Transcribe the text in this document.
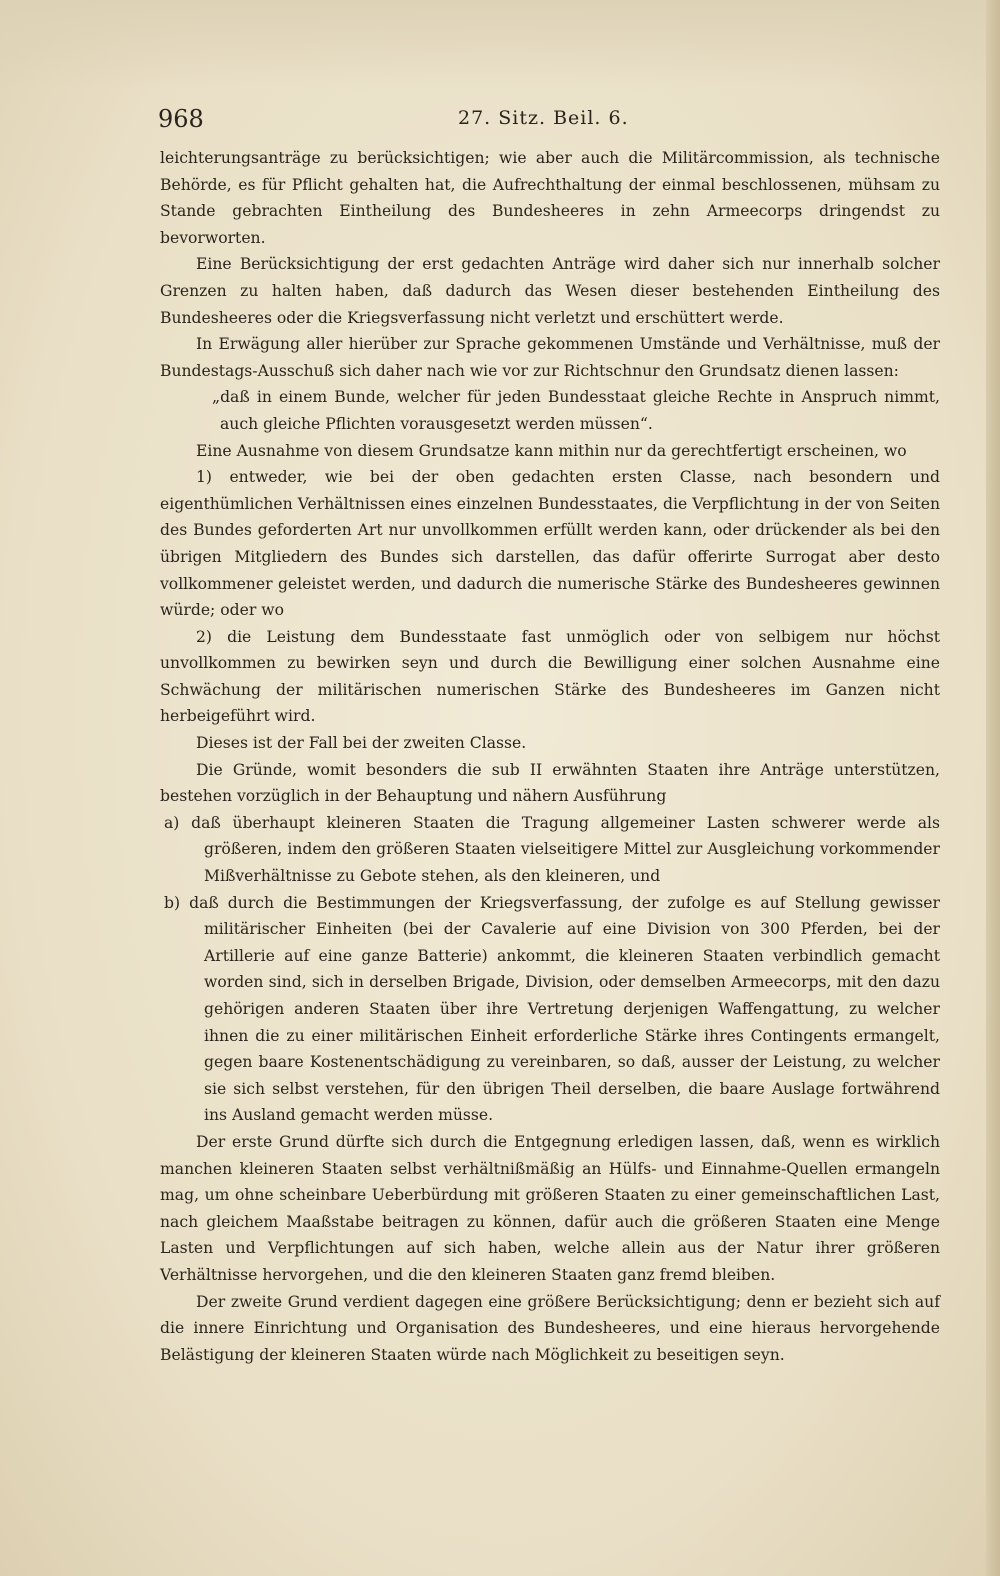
968	27. Sitz. Beil. 6.

leichterungsanträge zu berücksichtigen; wie aber auch die Militärcommission, als technische Behörde, es für Pflicht gehalten hat, die Aufrechthaltung der einmal beschlossenen, mühsam zu Stande gebrachten Eintheilung des Bundesheeres in zehn Armeecorps dringendst zu bevorworten.

Eine Berücksichtigung der erst gedachten Anträge wird daher sich nur innerhalb solcher Grenzen zu halten haben, daß dadurch das Wesen dieser bestehenden Eintheilung des Bundesheeres oder die Kriegsverfassung nicht verletzt und erschüttert werde.

In Erwägung aller hierüber zur Sprache gekommenen Umstände und Verhältnisse, muß der Bundestags-Ausschuß sich daher nach wie vor zur Richtschnur den Grundsatz dienen lassen:

„daß in einem Bunde, welcher für jeden Bundesstaat gleiche Rechte in Anspruch nimmt, auch gleiche Pflichten vorausgesetzt werden müssen“.

Eine Ausnahme von diesem Grundsatze kann mithin nur da gerechtfertigt erscheinen, wo

1) entweder, wie bei der oben gedachten ersten Classe, nach besondern und eigenthümlichen Verhältnissen eines einzelnen Bundesstaates, die Verpflichtung in der von Seiten des Bundes geforderten Art nur unvollkommen erfüllt werden kann, oder drückender als bei den übrigen Mitgliedern des Bundes sich darstellen, das dafür offerirte Surrogat aber desto vollkommener geleistet werden, und dadurch die numerische Stärke des Bundesheeres gewinnen würde; oder wo

2) die Leistung dem Bundesstaate fast unmöglich oder von selbigem nur höchst unvollkommen zu bewirken seyn und durch die Bewilligung einer solchen Ausnahme eine Schwächung der militärischen numerischen Stärke des Bundesheeres im Ganzen nicht herbeigeführt wird.

Dieses ist der Fall bei der zweiten Classe.

Die Gründe, womit besonders die sub II erwähnten Staaten ihre Anträge unterstützen, bestehen vorzüglich in der Behauptung und nähern Ausführung

a) daß überhaupt kleineren Staaten die Tragung allgemeiner Lasten schwerer werde als größeren, indem den größeren Staaten vielseitigere Mittel zur Ausgleichung vorkommender Mißverhältnisse zu Gebote stehen, als den kleineren, und

b) daß durch die Bestimmungen der Kriegsverfassung, der zufolge es auf Stellung gewisser militärischer Einheiten (bei der Cavalerie auf eine Division von 300 Pferden, bei der Artillerie auf eine ganze Batterie) ankommt, die kleineren Staaten verbindlich gemacht worden sind, sich in derselben Brigade, Division, oder demselben Armeecorps, mit den dazu gehörigen anderen Staaten über ihre Vertretung derjenigen Waffengattung, zu welcher ihnen die zu einer militärischen Einheit erforderliche Stärke ihres Contingents ermangelt, gegen baare Kostenentschädigung zu vereinbaren, so daß, ausser der Leistung, zu welcher sie sich selbst verstehen, für den übrigen Theil derselben, die baare Auslage fortwährend ins Ausland gemacht werden müsse.

Der erste Grund dürfte sich durch die Entgegnung erledigen lassen, daß, wenn es wirklich manchen kleineren Staaten selbst verhältnißmäßig an Hülfs- und Einnahme-Quellen ermangeln mag, um ohne scheinbare Ueberbürdung mit größeren Staaten zu einer gemeinschaftlichen Last, nach gleichem Maaßstabe beitragen zu können, dafür auch die größeren Staaten eine Menge Lasten und Verpflichtungen auf sich haben, welche allein aus der Natur ihrer größeren Verhältnisse hervorgehen, und die den kleineren Staaten ganz fremd bleiben.

Der zweite Grund verdient dagegen eine größere Berücksichtigung; denn er bezieht sich auf die innere Einrichtung und Organisation des Bundesheeres, und eine hieraus hervorgehende Belästigung der kleineren Staaten würde nach Möglichkeit zu beseitigen seyn.
